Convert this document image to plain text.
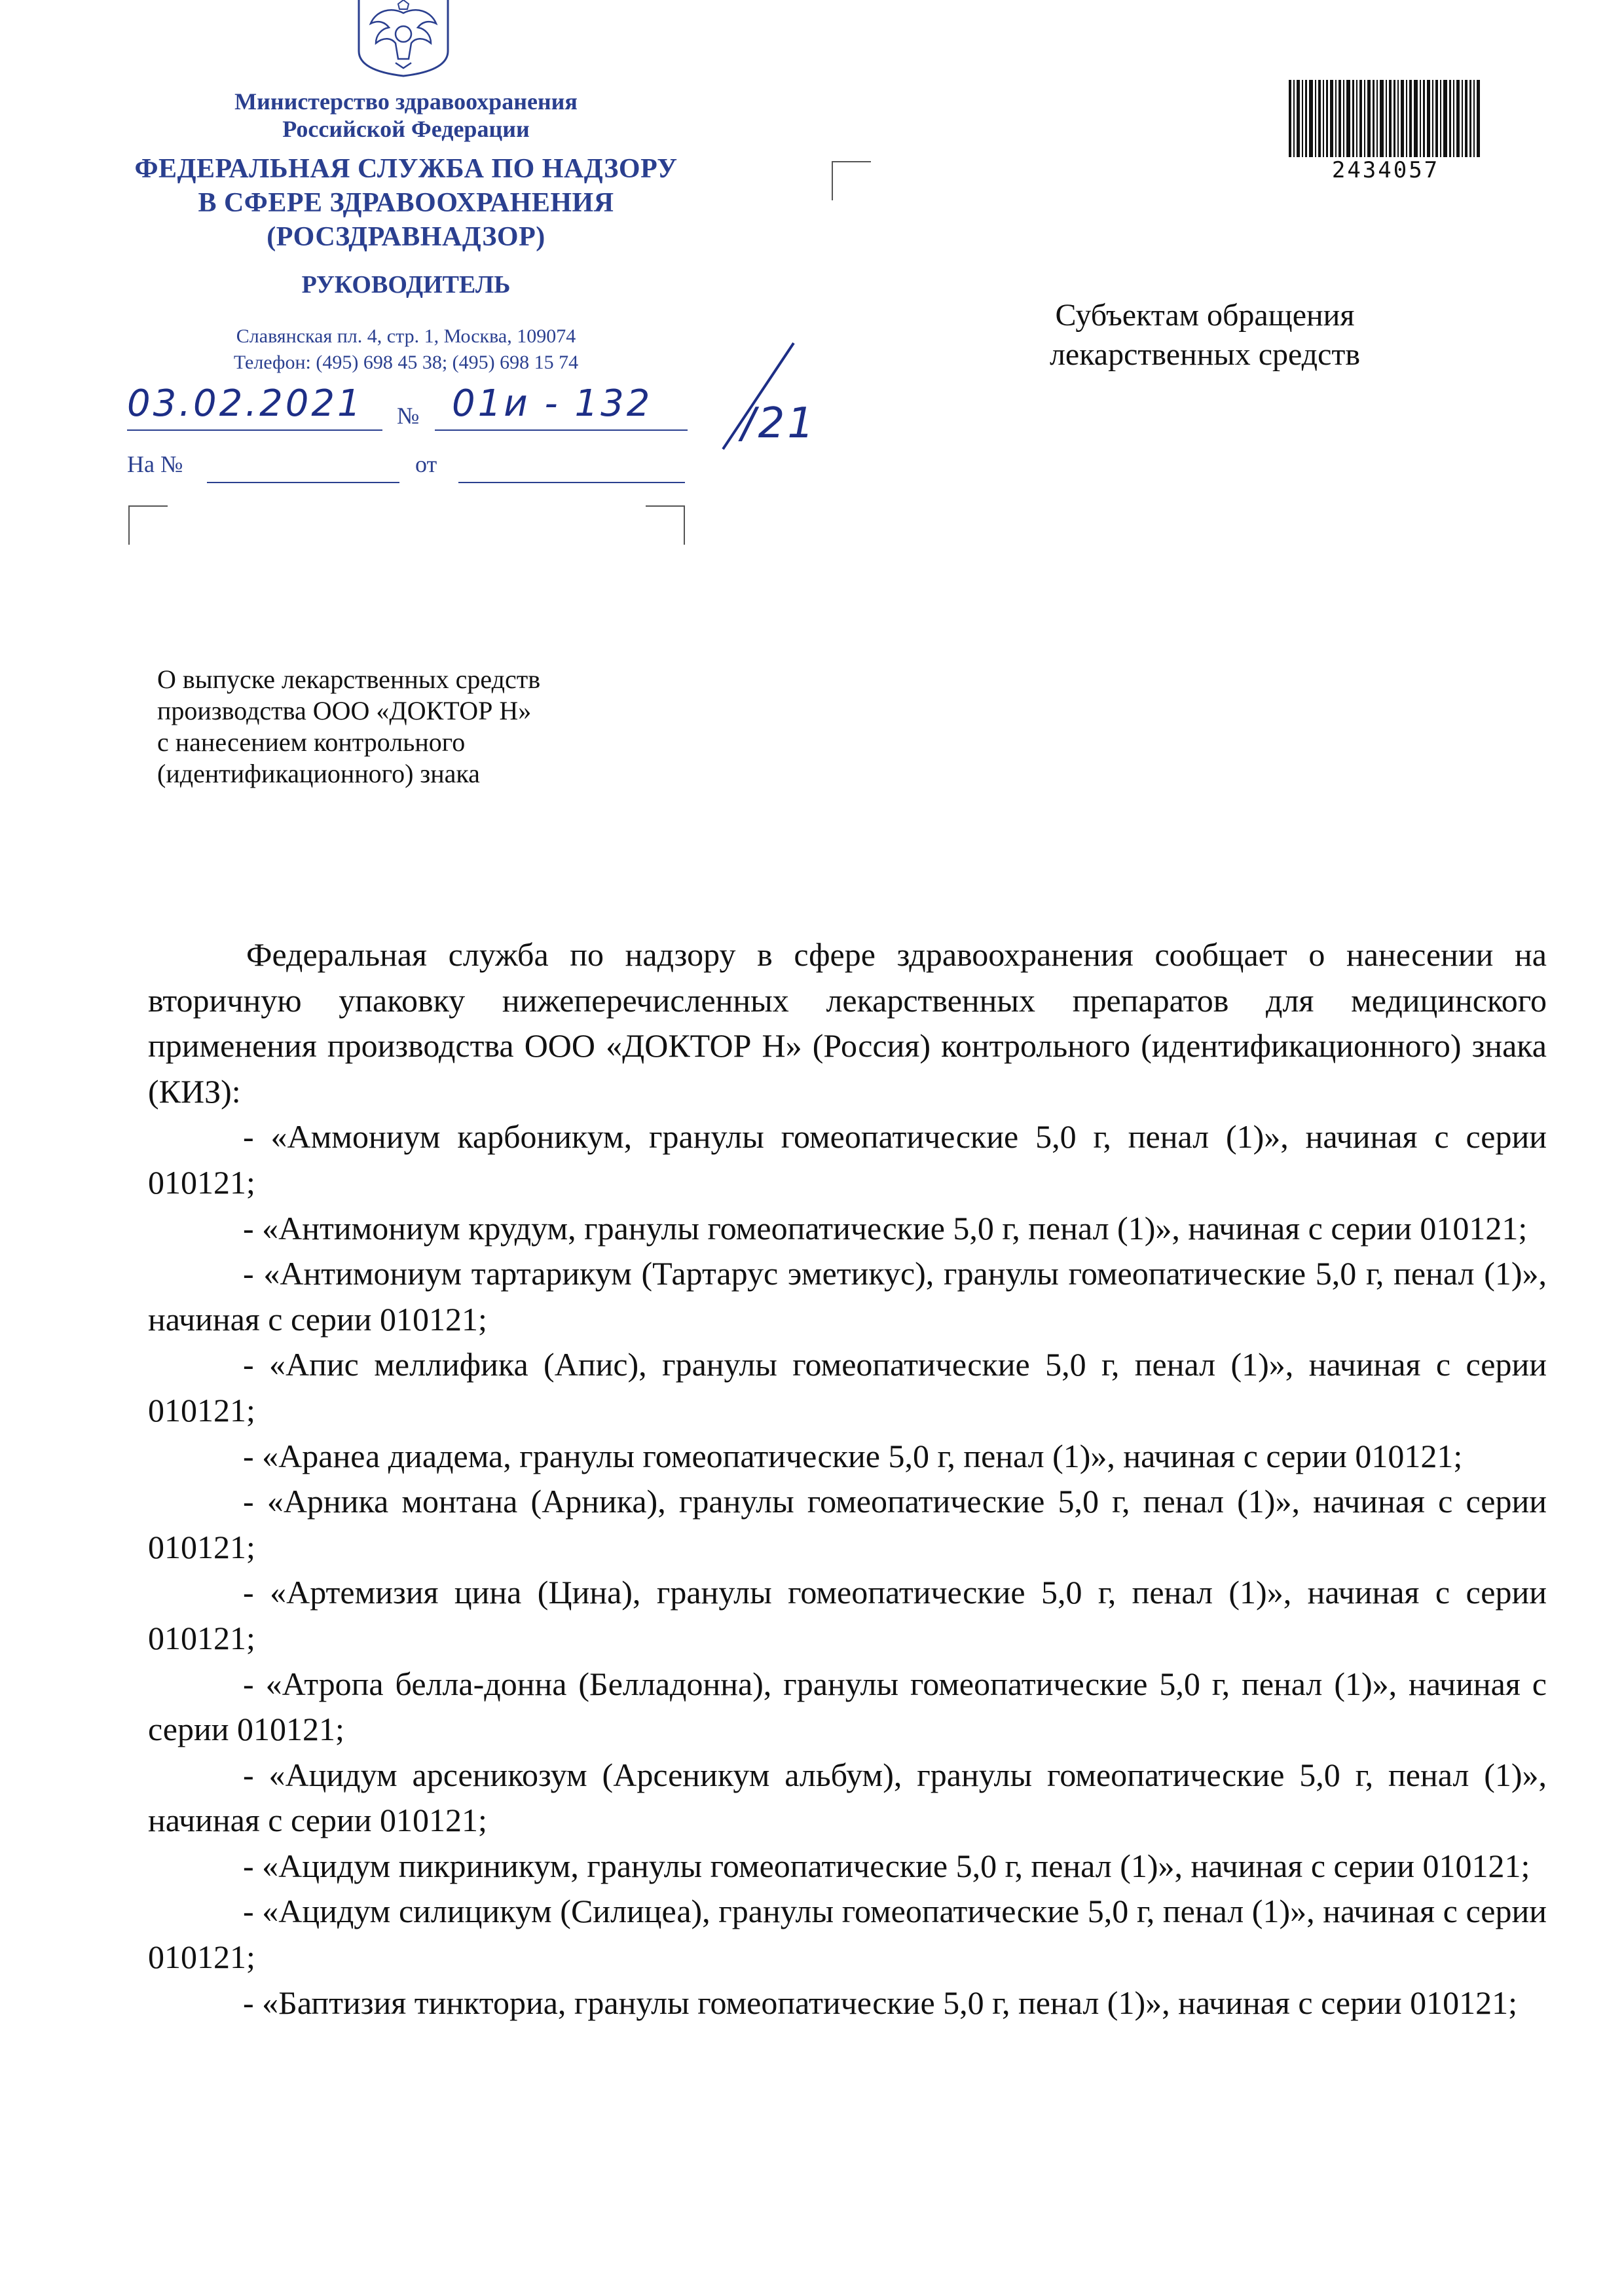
Министерство здравоохранения
Российской Федерации
ФЕДЕРАЛЬНАЯ СЛУЖБА ПО НАДЗОРУ
В СФЕРЕ ЗДРАВООХРАНЕНИЯ
(РОСЗДРАВНАДЗОР)
РУКОВОДИТЕЛЬ
Славянская пл. 4, стр. 1, Москва, 109074
Телефон: (495) 698 45 38; (495) 698 15 74
03.02.2021 № 01и - 132 /21
На №	от
2434057
Субъектам обращения
лекарственных средств
О выпуске лекарственных средств
производства ООО «ДОКТОР Н»
с нанесением контрольного
(идентификационного) знака

Федеральная служба по надзору в сфере здравоохранения сообщает о нанесении на вторичную упаковку нижеперечисленных лекарственных препаратов для медицинского применения производства ООО «ДОКТОР Н» (Россия) контрольного (идентификационного) знака (КИЗ):

- «Аммониум карбоникум, гранулы гомеопатические 5,0 г, пенал (1)», начиная с серии 010121;

- «Антимониум крудум, гранулы гомеопатические 5,0 г, пенал (1)», начиная с серии 010121;

- «Антимониум тартарикум (Тартарус эметикус), гранулы гомеопатические 5,0 г, пенал (1)», начиная с серии 010121;

- «Апис меллифика (Апис), гранулы гомеопатические 5,0 г, пенал (1)», начиная с серии 010121;

- «Аранеа диадема, гранулы гомеопатические 5,0 г, пенал (1)», начиная с серии 010121;

- «Арника монтана (Арника), гранулы гомеопатические 5,0 г, пенал (1)», начиная с серии 010121;

- «Артемизия цина (Цина), гранулы гомеопатические 5,0 г, пенал (1)», начиная с серии 010121;

- «Атропа белла-донна (Белладонна), гранулы гомеопатические 5,0 г, пенал (1)», начиная с серии 010121;

- «Ацидум арсеникозум (Арсеникум альбум), гранулы гомеопатические 5,0 г, пенал (1)», начиная с серии 010121;

- «Ацидум пикриникум, гранулы гомеопатические 5,0 г, пенал (1)», начиная с серии 010121;

- «Ацидум силицикум (Силицеа), гранулы гомеопатические 5,0 г, пенал (1)», начиная с серии 010121;

- «Баптизия тинкториа, гранулы гомеопатические 5,0 г, пенал (1)», начиная с серии 010121;
